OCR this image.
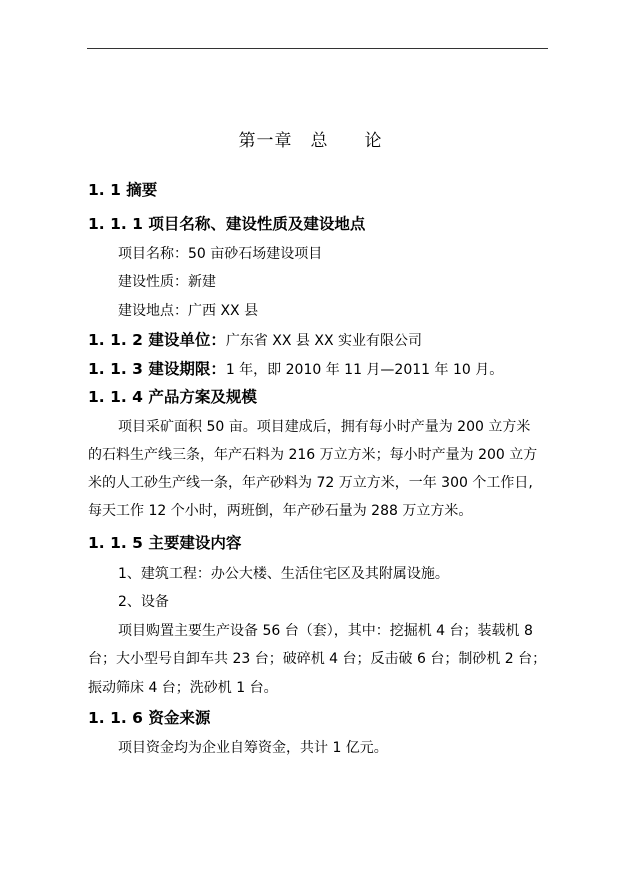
第一章　总　　论
1. 1 摘要
1. 1. 1 项目名称、建设性质及建设地点
项目名称：50 亩砂石场建设项目
建设性质：新建
建设地点：广西 XX 县
1. 1. 2 建设单位：广东省 XX 县 XX 实业有限公司
1. 1. 3 建设期限：1 年，即 2010 年 11 月—2011 年 10 月。
1. 1. 4 产品方案及规模
项目采矿面积 50 亩。项目建成后，拥有每小时产量为 200 立方米
的石料生产线三条，年产石料为 216 万立方米；每小时产量为 200 立方
米的人工砂生产线一条，年产砂料为 72 万立方米，一年 300 个工作日,
每天工作 12 个小时，两班倒，年产砂石量为 288 万立方米。
1. 1. 5 主要建设内容
1、建筑工程：办公大楼、生活住宅区及其附属设施。
2、设备
项目购置主要生产设备 56 台（套），其中：挖掘机 4 台；装载机 8
台；大小型号自卸车共 23 台；破碎机 4 台；反击破 6 台；制砂机 2 台；
振动筛床 4 台；洗砂机 1 台。
1. 1. 6 资金来源
项目资金均为企业自筹资金，共计 1 亿元。
